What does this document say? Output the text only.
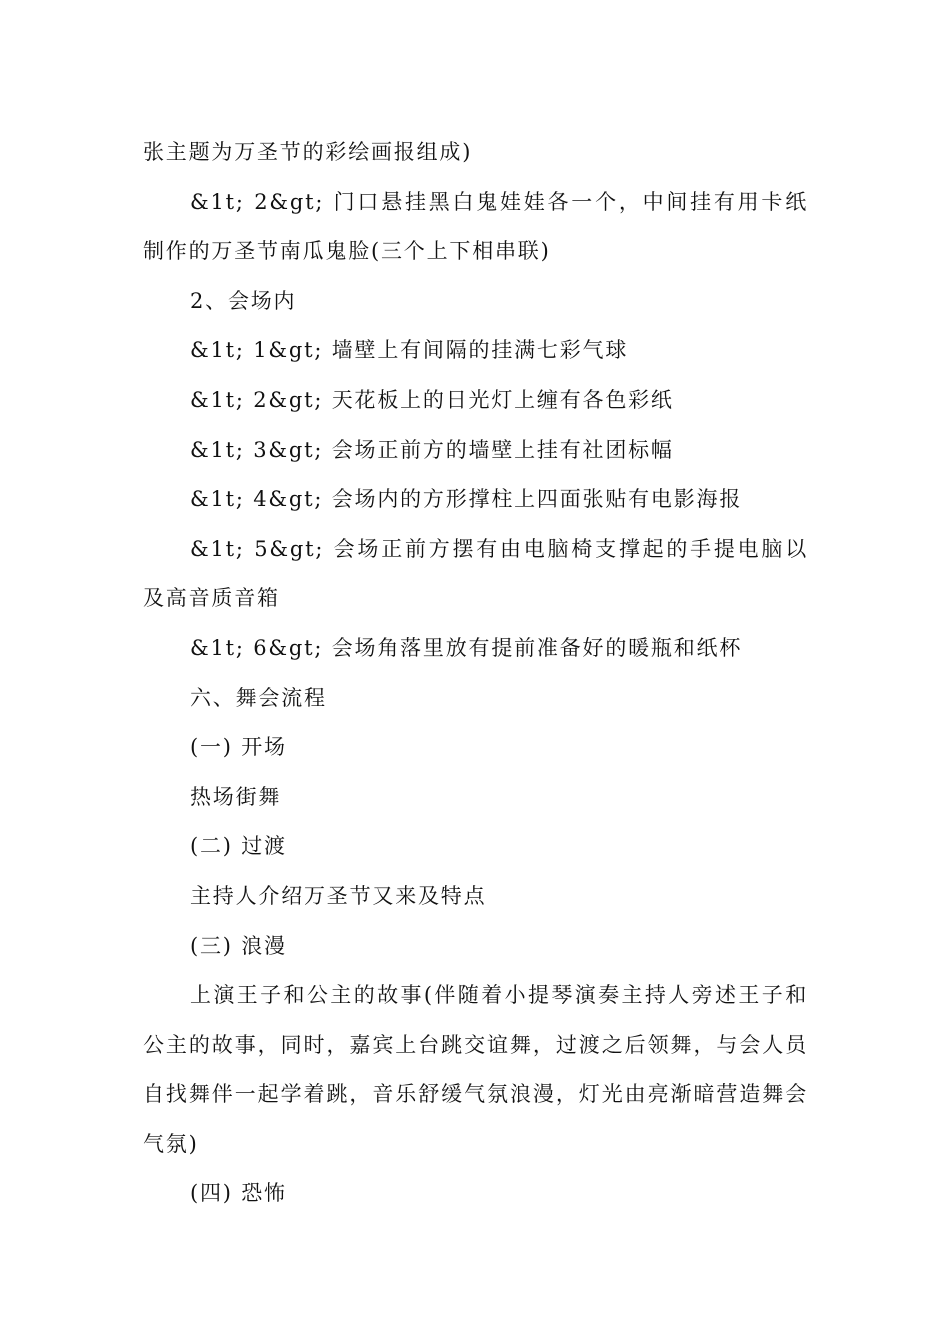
张主题为万圣节的彩绘画报组成)

&1t; 2&gt; 门口悬挂黑白鬼娃娃各一个，中间挂有用卡纸制作的万圣节南瓜鬼脸(三个上下相串联)

2、会场内

&1t; 1&gt; 墙壁上有间隔的挂满七彩气球

&1t; 2&gt; 天花板上的日光灯上缠有各色彩纸

&1t; 3&gt; 会场正前方的墙壁上挂有社团标幅

&1t; 4&gt; 会场内的方形撑柱上四面张贴有电影海报

&1t; 5&gt; 会场正前方摆有由电脑椅支撑起的手提电脑以及高音质音箱

&1t; 6&gt; 会场角落里放有提前准备好的暖瓶和纸杯

六、舞会流程

(一) 开场

热场街舞

(二) 过渡

主持人介绍万圣节又来及特点

(三) 浪漫

上演王子和公主的故事(伴随着小提琴演奏主持人旁述王子和公主的故事，同时，嘉宾上台跳交谊舞，过渡之后领舞，与会人员自找舞伴一起学着跳，音乐舒缓气氛浪漫，灯光由亮渐暗营造舞会气氛)

(四) 恐怖
